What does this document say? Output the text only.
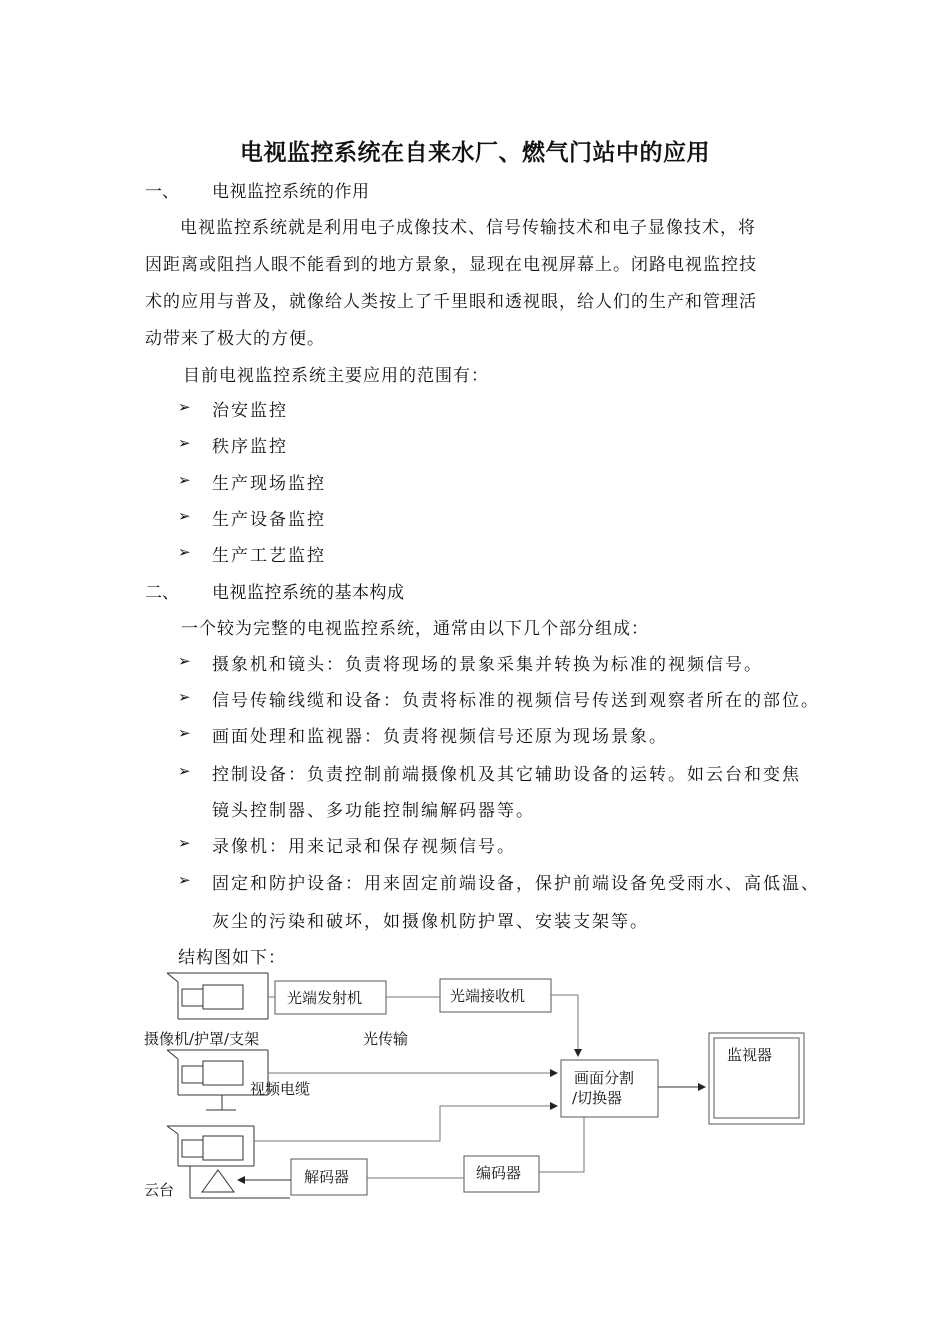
电视监控系统在自来水厂、燃气门站中的应用
一、 电视监控系统的作用
电视监控系统就是利用电子成像技术、信号传输技术和电子显像技术，将
因距离或阻挡人眼不能看到的地方景象，显现在电视屏幕上。闭路电视监控技
术的应用与普及，就像给人类按上了千里眼和透视眼，给人们的生产和管理活
动带来了极大的方便。
目前电视监控系统主要应用的范围有：
➢ 治安监控
➢ 秩序监控
➢ 生产现场监控
➢ 生产设备监控
➢ 生产工艺监控
二、 电视监控系统的基本构成
一个较为完整的电视监控系统，通常由以下几个部分组成：
➢ 摄象机和镜头：负责将现场的景象采集并转换为标准的视频信号。
➢ 信号传输线缆和设备：负责将标准的视频信号传送到观察者所在的部位。
➢ 画面处理和监视器：负责将视频信号还原为现场景象。
➢ 控制设备：负责控制前端摄像机及其它辅助设备的运转。如云台和变焦
镜头控制器、多功能控制编解码器等。
➢ 录像机：用来记录和保存视频信号。
➢ 固定和防护设备：用来固定前端设备，保护前端设备免受雨水、高低温、
灰尘的污染和破坏，如摄像机防护罩、安装支架等。
结构图如下：
光端发射机	光端接收机
摄像机/护罩/支架	光传输
视频电缆
画面分割
/切换器
监视器
解码器	编码器
云台
